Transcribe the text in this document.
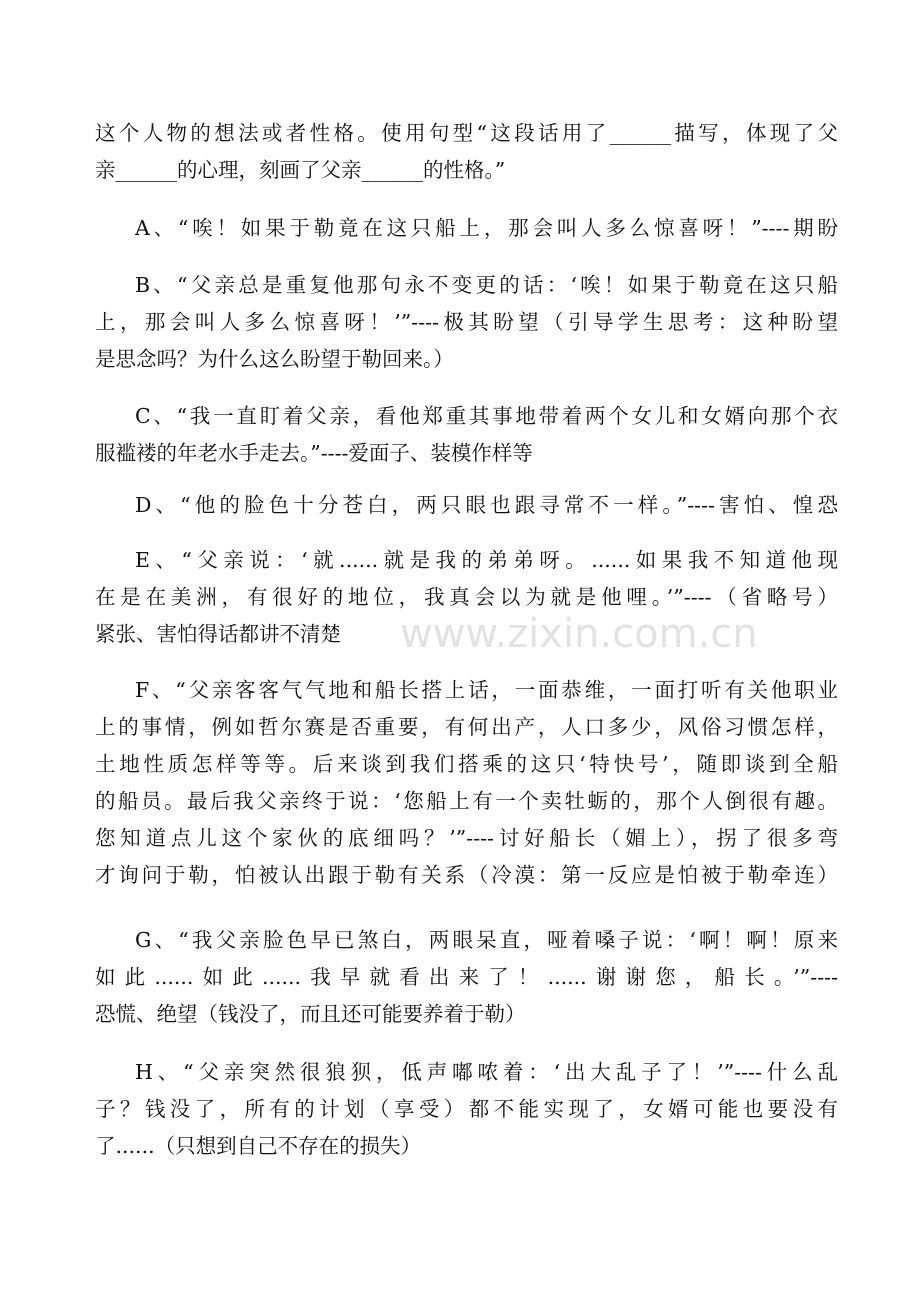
www.zixin.com.cn
这个人物的想法或者性格。使用句型“这段话用了______描写，体现了父
亲______的心理，刻画了父亲______的性格。”
A、“唉！如果于勒竟在这只船上，那会叫人多么惊喜呀！”----期盼
B、“父亲总是重复他那句永不变更的话：‘唉！如果于勒竟在这只船
上，那会叫人多么惊喜呀！’”----极其盼望（引导学生思考：这种盼望
是思念吗？为什么这么盼望于勒回来。）
C、“我一直盯着父亲，看他郑重其事地带着两个女儿和女婿向那个衣
服褴褛的年老水手走去。”----爱面子、装模作样等
D、“他的脸色十分苍白，两只眼也跟寻常不一样。”----害怕、惶恐
E、“父亲说：‘就......就是我的弟弟呀。......如果我不知道他现
在是在美洲，有很好的地位，我真会以为就是他哩。’”----（省略号）
紧张、害怕得话都讲不清楚
F、“父亲客客气气地和船长搭上话，一面恭维，一面打听有关他职业
上的事情，例如哲尔赛是否重要，有何出产，人口多少，风俗习惯怎样，
土地性质怎样等等。后来谈到我们搭乘的这只‘特快号’，随即谈到全船
的船员。最后我父亲终于说：‘您船上有一个卖牡蛎的，那个人倒很有趣。
您知道点儿这个家伙的底细吗？’”----讨好船长（媚上），拐了很多弯
才询问于勒，怕被认出跟于勒有关系（冷漠：第一反应是怕被于勒牵连）
G、“我父亲脸色早已煞白，两眼呆直，哑着嗓子说：‘啊！啊！原来
如此......如此......我早就看出来了！......谢谢您，船长。’”----
恐慌、绝望（钱没了，而且还可能要养着于勒）
H、“父亲突然很狼狈，低声嘟哝着：‘出大乱子了！’”----什么乱
子？钱没了，所有的计划（享受）都不能实现了，女婿可能也要没有
了......（只想到自己不存在的损失）
